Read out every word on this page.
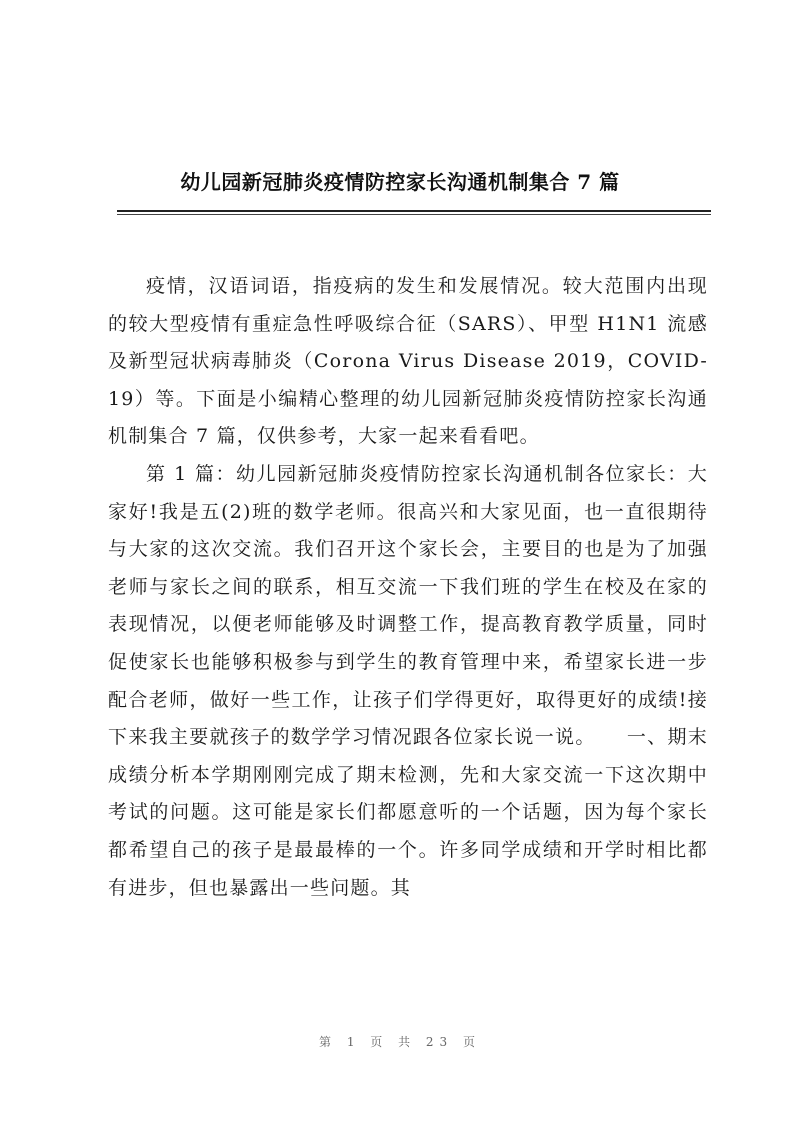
幼儿园新冠肺炎疫情防控家长沟通机制集合 7 篇

疫情，汉语词语，指疫病的发生和发展情况。较大范围内出现的较大型疫情有重症急性呼吸综合征（SARS）、甲型 H1N1 流感及新型冠状病毒肺炎（Corona Virus Disease 2019，COVID-19）等。下面是小编精心整理的幼儿园新冠肺炎疫情防控家长沟通机制集合 7 篇，仅供参考，大家一起来看看吧。

第 1 篇：幼儿园新冠肺炎疫情防控家长沟通机制各位家长：大家好!我是五(2)班的数学老师。很高兴和大家见面，也一直很期待与大家的这次交流。我们召开这个家长会，主要目的也是为了加强老师与家长之间的联系，相互交流一下我们班的学生在校及在家的表现情况，以便老师能够及时调整工作，提高教育教学质量，同时促使家长也能够积极参与到学生的教育管理中来，希望家长进一步配合老师，做好一些工作，让孩子们学得更好，取得更好的成绩!接下来我主要就孩子的数学学习情况跟各位家长说一说。　　一、期末成绩分析本学期刚刚完成了期末检测，先和大家交流一下这次期中考试的问题。这可能是家长们都愿意听的一个话题，因为每个家长都希望自己的孩子是最最棒的一个。许多同学成绩和开学时相比都有进步，但也暴露出一些问题。其

第 1 页 共 23 页
